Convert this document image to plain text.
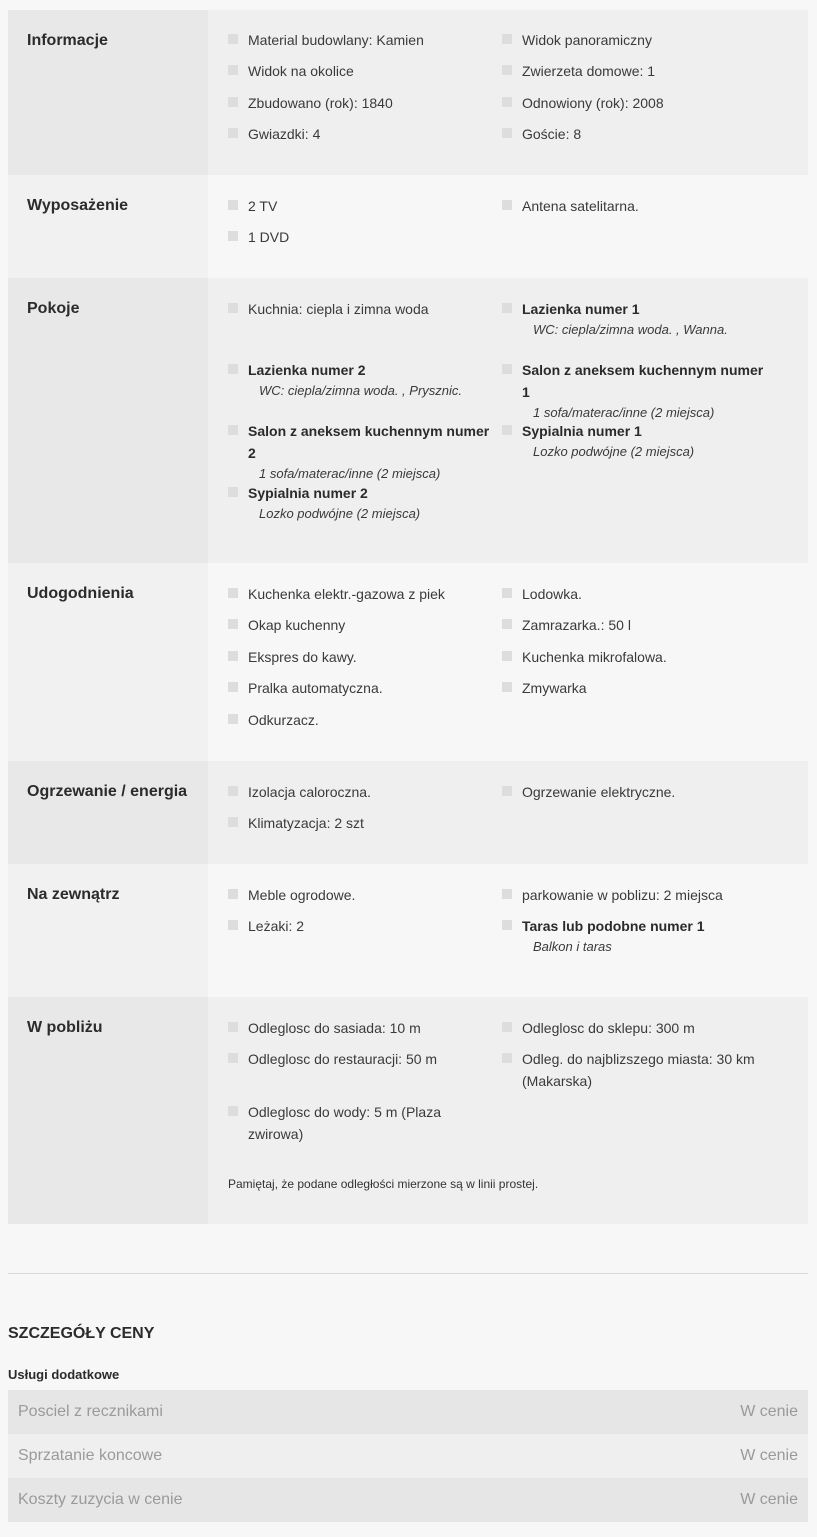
Informacje	Material budowlany: Kamien	Widok panoramiczny
Widok na okolice	Zwierzeta domowe: 1
Zbudowano (rok): 1840	Odnowiony (rok): 2008
Gwiazdki: 4	Goście: 8
Wyposażenie	2 TV	Antena satelitarna.
1 DVD
Pokoje	Kuchnia: ciepla i zimna woda	Lazienka numer 1
WC: ciepla/zimna woda. , Wanna.
Lazienka numer 2
WC: ciepla/zimna woda. , Prysznic.
Salon z aneksem kuchennym numer 1
1 sofa/materac/inne (2 miejsca)
Salon z aneksem kuchennym numer 2
1 sofa/materac/inne (2 miejsca)
Sypialnia numer 1
Lozko podwójne (2 miejsca)
Sypialnia numer 2
Lozko podwójne (2 miejsca)
Udogodnienia	Kuchenka elektr.-gazowa z piek	Lodowka.
Okap kuchenny	Zamrazarka.: 50 l
Ekspres do kawy.	Kuchenka mikrofalowa.
Pralka automatyczna.	Zmywarka
Odkurzacz.
Ogrzewanie / energia	Izolacja caloroczna.	Ogrzewanie elektryczne.
Klimatyzacja: 2 szt
Na zewnątrz	Meble ogrodowe.	parkowanie w poblizu: 2 miejsca
Leżaki: 2	Taras lub podobne numer 1
Balkon i taras
W pobliżu	Odleglosc do sasiada: 10 m	Odleglosc do sklepu: 300 m
Odleglosc do restauracji: 50 m	Odleg. do najblizszego miasta: 30 km (Makarska)
Odleglosc do wody: 5 m (Plaza zwirowa)
Pamiętaj, że podane odległości mierzone są w linii prostej.
SZCZEGÓŁY CENY
Usługi dodatkowe
Posciel z recznikami	W cenie
Sprzatanie koncowe	W cenie
Koszty zuzycia w cenie	W cenie
